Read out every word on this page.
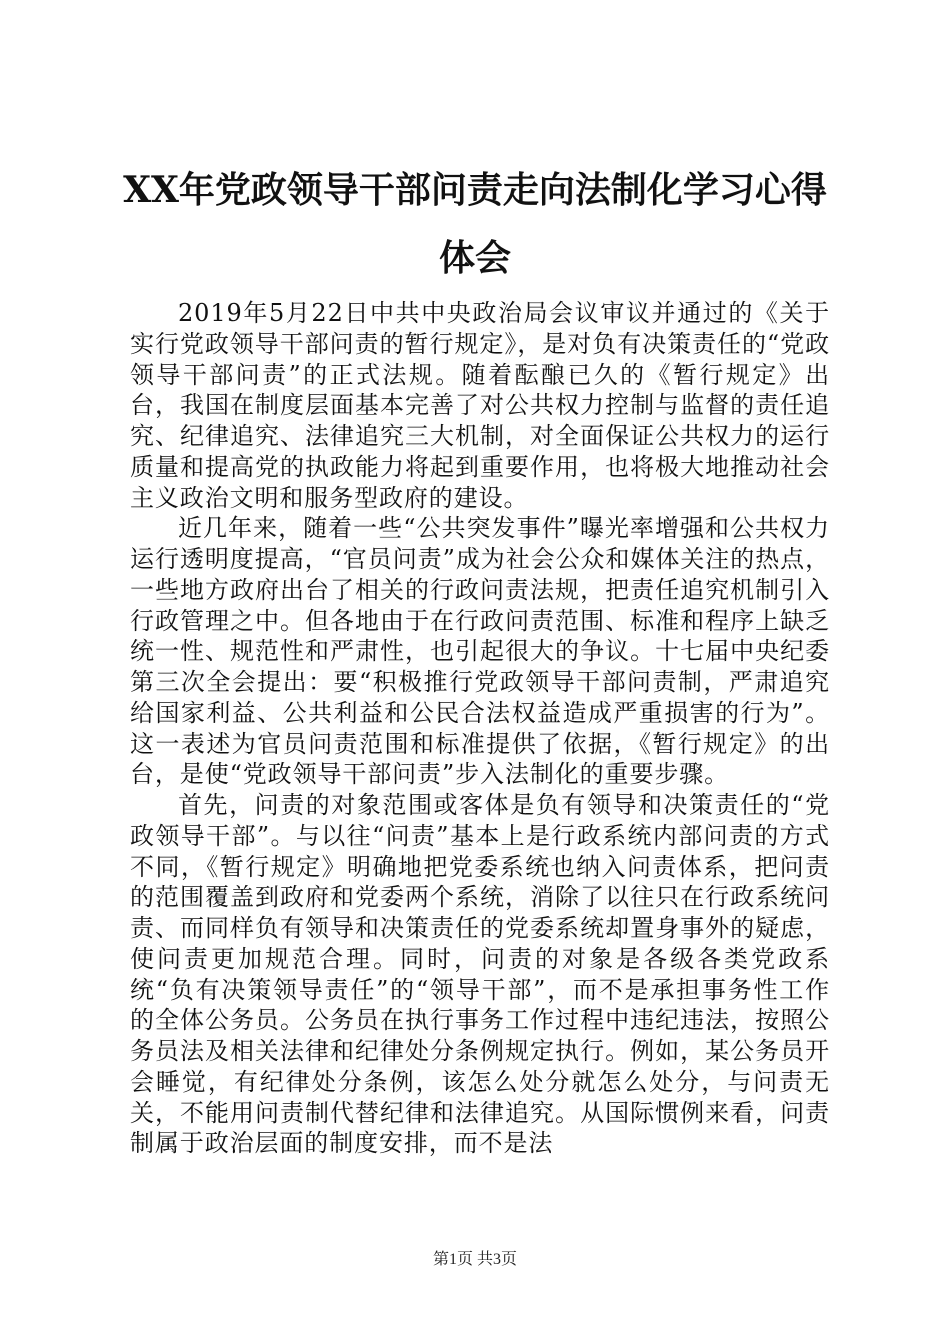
XX年党政领导干部问责走向法制化学习心得体会

2019年5月22日中共中央政治局会议审议并通过的《关于实行党政领导干部问责的暂行规定》，是对负有决策责任的“党政领导干部问责”的正式法规。随着酝酿已久的《暂行规定》出台，我国在制度层面基本完善了对公共权力控制与监督的责任追究、纪律追究、法律追究三大机制，对全面保证公共权力的运行质量和提高党的执政能力将起到重要作用，也将极大地推动社会主义政治文明和服务型政府的建设。

近几年来，随着一些“公共突发事件”曝光率增强和公共权力运行透明度提高，“官员问责”成为社会公众和媒体关注的热点，一些地方政府出台了相关的行政问责法规，把责任追究机制引入行政管理之中。但各地由于在行政问责范围、标准和程序上缺乏统一性、规范性和严肃性，也引起很大的争议。十七届中央纪委第三次全会提出：要“积极推行党政领导干部问责制，严肃追究给国家利益、公共利益和公民合法权益造成严重损害的行为”。这一表述为官员问责范围和标准提供了依据，《暂行规定》的出台，是使“党政领导干部问责”步入法制化的重要步骤。

首先，问责的对象范围或客体是负有领导和决策责任的“党政领导干部”。与以往“问责”基本上是行政系统内部问责的方式不同，《暂行规定》明确地把党委系统也纳入问责体系，把问责的范围覆盖到政府和党委两个系统，消除了以往只在行政系统问责、而同样负有领导和决策责任的党委系统却置身事外的疑虑，使问责更加规范合理。同时，问责的对象是各级各类党政系统“负有决策领导责任”的“领导干部”，而不是承担事务性工作的全体公务员。公务员在执行事务工作过程中违纪违法，按照公务员法及相关法律和纪律处分条例规定执行。例如，某公务员开会睡觉，有纪律处分条例，该怎么处分就怎么处分，与问责无关，不能用问责制代替纪律和法律追究。从国际惯例来看，问责制属于政治层面的制度安排，而不是法

第1页 共3页
